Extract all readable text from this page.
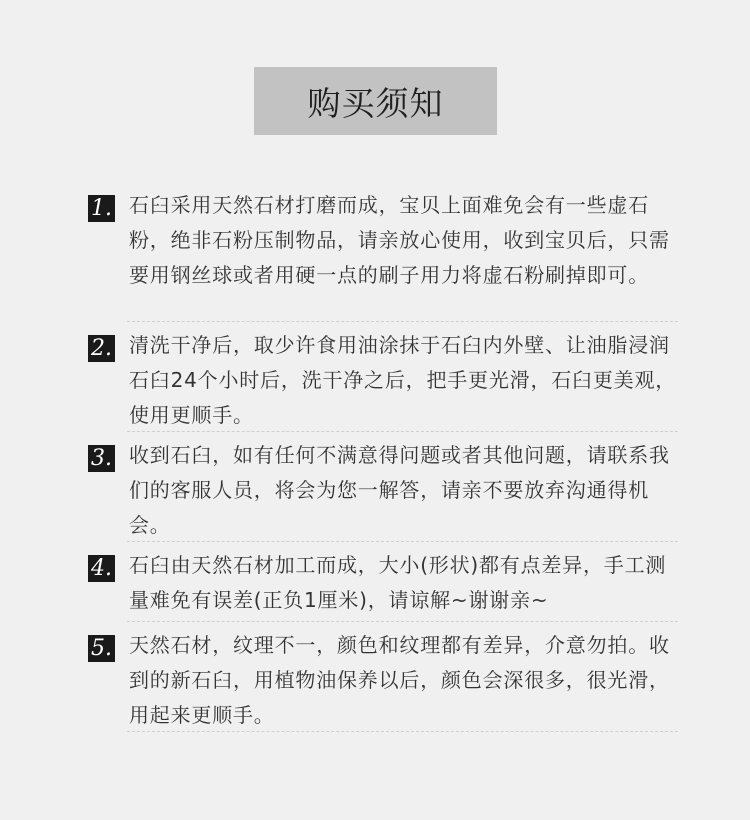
购买须知
1. 石臼采用天然石材打磨而成，宝贝上面难免会有一些虚石粉，绝非石粉压制物品，请亲放心使用，收到宝贝后，只需要用钢丝球或者用硬一点的刷子用力将虚石粉刷掉即可。
2. 清洗干净后，取少许食用油涂抹于石臼内外壁、让油脂浸润石臼24个小时后，洗干净之后，把手更光滑，石臼更美观，使用更顺手。
3. 收到石臼，如有任何不满意得问题或者其他问题，请联系我们的客服人员，将会为您一解答，请亲不要放弃沟通得机会。
4. 石臼由天然石材加工而成，大小(形状)都有点差异，手工测量难免有误差(正负1厘米)，请谅解~谢谢亲~
5. 天然石材，纹理不一，颜色和纹理都有差异，介意勿拍。收到的新石臼，用植物油保养以后，颜色会深很多，很光滑，用起来更顺手。
